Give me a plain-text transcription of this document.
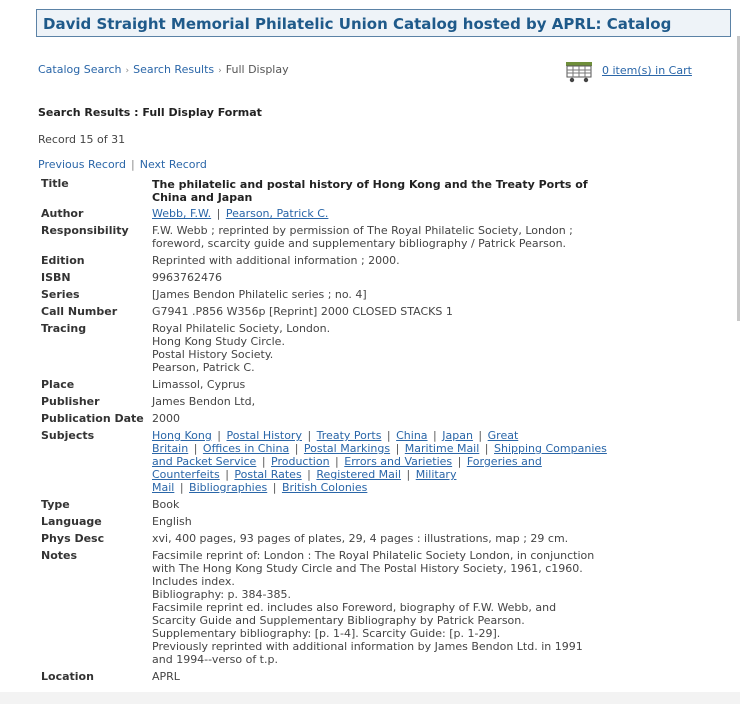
David Straight Memorial Philatelic Union Catalog hosted by APRL: Catalog
Catalog Search › Search Results › Full Display	0 item(s) in Cart
Search Results : Full Display Format
Record 15 of 31
Previous Record | Next Record
Title	The philatelic and postal history of Hong Kong and the Treaty Ports of
China and Japan
Author	Webb, F.W. | Pearson, Patrick C.
Responsibility F.W. Webb ; reprinted by permission of The Royal Philatelic Society, London ;
foreword, scarcity guide and supplementary bibliography / Patrick Pearson.
Edition	Reprinted with additional information ; 2000.
ISBN	9963762476
Series	[James Bendon Philatelic series ; no. 4]
Call Number	G7941 .P856 W356p [Reprint] 2000 CLOSED STACKS 1
Tracing	Royal Philatelic Society, London.
Hong Kong Study Circle.
Postal History Society.
Pearson, Patrick C.
Place	Limassol, Cyprus
Publisher	James Bendon Ltd,
Publication Date 2000
Subjects	Hong Kong | Postal History | Treaty Ports | China | Japan | Great
Britain | Offices in China | Postal Markings | Maritime Mail | Shipping Companies
and Packet Service | Production | Errors and Varieties | Forgeries and
Counterfeits | Postal Rates | Registered Mail | Military
Mail | Bibliographies | British Colonies
Type	Book
Language	English
Phys Desc	xvi, 400 pages, 93 pages of plates, 29, 4 pages : illustrations, map ; 29 cm.
Notes	Facsimile reprint of: London : The Royal Philatelic Society London, in conjunction
with The Hong Kong Study Circle and The Postal History Society, 1961, c1960.
Includes index.
Bibliography: p. 384-385.
Facsimile reprint ed. includes also Foreword, biography of F.W. Webb, and
Scarcity Guide and Supplementary Bibliography by Patrick Pearson.
Supplementary bibliography: [p. 1-4]. Scarcity Guide: [p. 1-29].
Previously reprinted with additional information by James Bendon Ltd. in 1991
and 1994--verso of t.p.
Location	APRL
